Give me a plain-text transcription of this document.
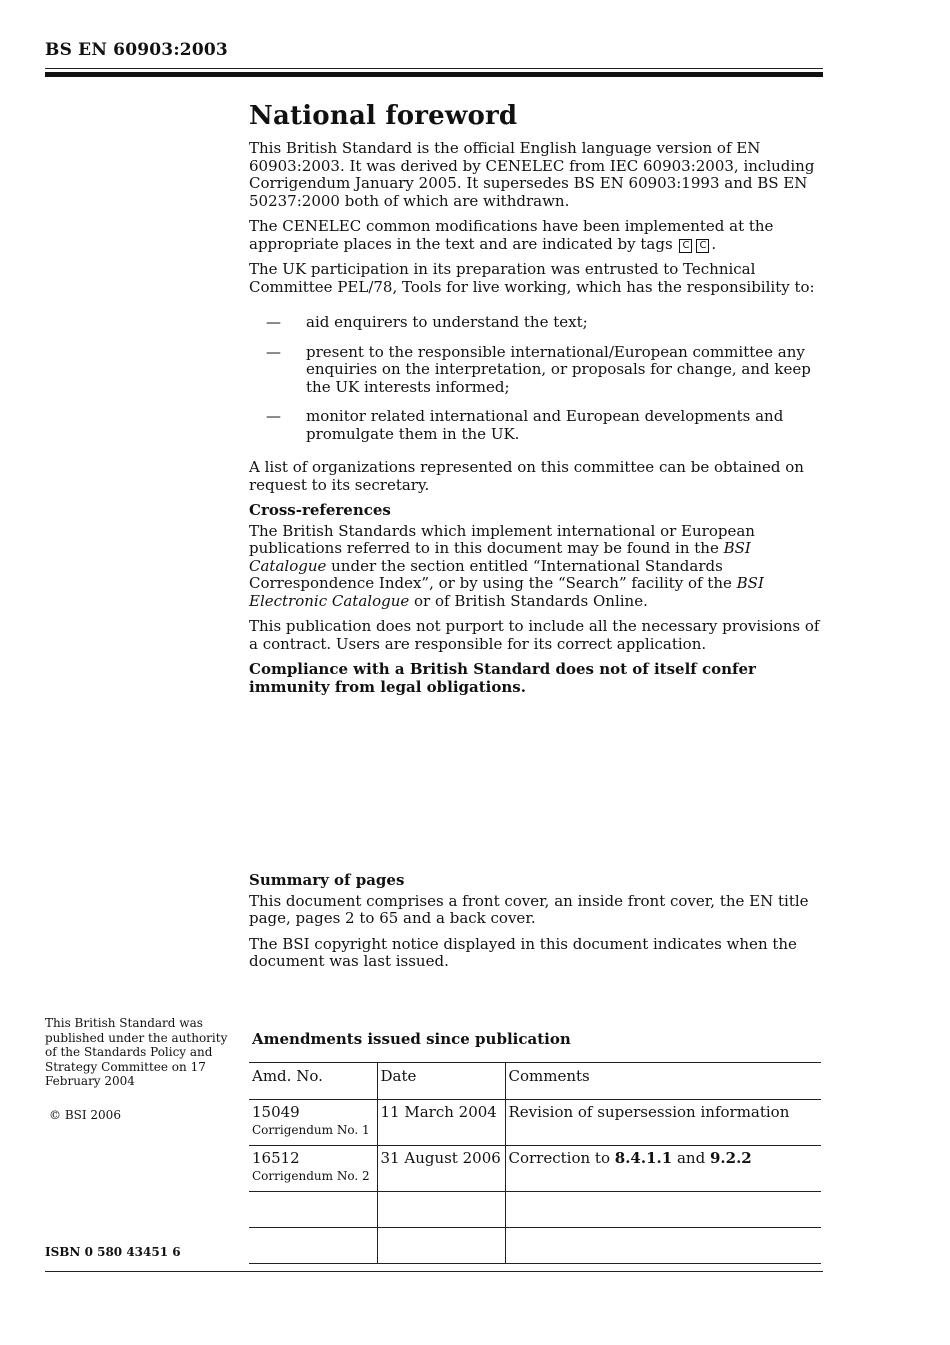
BS EN 60903:2003
National foreword

This British Standard is the official English language version of EN 60903:2003. It was derived by CENELEC from IEC 60903:2003, including Corrigendum January 2005. It supersedes BS EN 60903:1993 and BS EN 50237:2000 both of which are withdrawn.

The CENELEC common modifications have been implemented at the appropriate places in the text and are indicated by tags C C .

The UK participation in its preparation was entrusted to Technical Committee PEL/78, Tools for live working, which has the responsibility to:

— aid enquirers to understand the text;
— present to the responsible international/European committee any enquiries on the interpretation, or proposals for change, and keep the UK interests informed;
— monitor related international and European developments and promulgate them in the UK.

A list of organizations represented on this committee can be obtained on request to its secretary.

Cross-references

The British Standards which implement international or European publications referred to in this document may be found in the BSI Catalogue under the section entitled “International Standards Correspondence Index”, or by using the “Search” facility of the BSI Electronic Catalogue or of British Standards Online.

This publication does not purport to include all the necessary provisions of a contract. Users are responsible for its correct application.

Compliance with a British Standard does not of itself confer immunity from legal obligations.

Summary of pages

This document comprises a front cover, an inside front cover, the EN title page, pages 2 to 65 and a back cover.

The BSI copyright notice displayed in this document indicates when the document was last issued.

This British Standard was published under the authority of the Standards Policy and Strategy Committee on 17 February 2004

© BSI 2006
ISBN 0 580 43451 6
Amendments issued since publication
Amd. No.	Date	Comments
15049
Corrigendum No. 1	11 March 2004	Revision of supersession information
16512
Corrigendum No. 2	31 August 2006	Correction to 8.4.1.1 and 9.2.2
